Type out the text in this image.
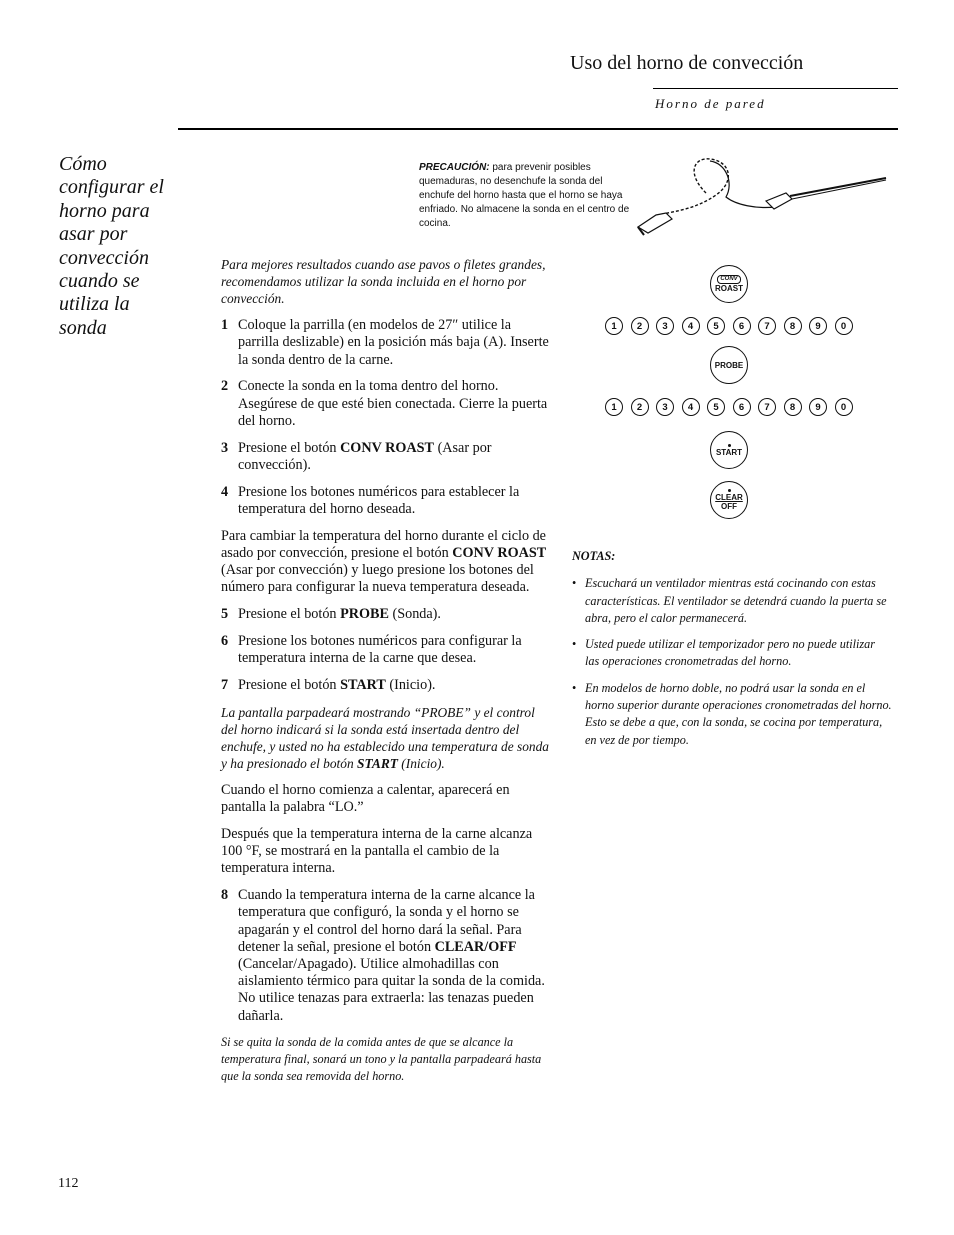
Uso del horno de convección
Horno de pared
Cómo configurar el horno para asar por convección cuando se utiliza la sonda
PRECAUCIÓN: para prevenir posibles quemaduras, no desenchufe la sonda del enchufe del horno hasta que el horno se haya enfriado. No almacene la sonda en el centro de cocina.

Para mejores resultados cuando ase pavos o filetes grandes, recomendamos utilizar la sonda incluida en el horno por convección.

1 Coloque la parrilla (en modelos de 27″ utilice la parrilla deslizable) en la posición más baja (A). Inserte la sonda dentro de la carne.
2 Conecte la sonda en la toma dentro del horno. Asegúrese de que esté bien conectada. Cierre la puerta del horno.
3 Presione el botón CONV ROAST (Asar por convección).
4 Presione los botones numéricos para establecer la temperatura del horno deseada.

Para cambiar la temperatura del horno durante el ciclo de asado por convección, presione el botón CONV ROAST (Asar por convección) y luego presione los botones del número para configurar la nueva temperatura deseada.

5 Presione el botón PROBE (Sonda).
6 Presione los botones numéricos para configurar la temperatura interna de la carne que desea.
7 Presione el botón START (Inicio).

La pantalla parpadeará mostrando “PROBE” y el control del horno indicará si la sonda está insertada dentro del enchufe, y usted no ha establecido una temperatura de sonda y ha presionado el botón START (Inicio).

Cuando el horno comienza a calentar, aparecerá en pantalla la palabra “LO.”

Después que la temperatura interna de la carne alcanza 100 °F, se mostrará en la pantalla el cambio de la temperatura interna.

8 Cuando la temperatura interna de la carne alcance la temperatura que configuró, la sonda y el horno se apagarán y el control del horno dará la señal. Para detener la señal, presione el botón CLEAR/OFF (Cancelar/Apagado). Utilice almohadillas con aislamiento térmico para quitar la sonda de la comida. No utilice tenazas para extraerla: las tenazas pueden dañarla.

Si se quita la sonda de la comida antes de que se alcance la temperatura final, sonará un tono y la pantalla parpadeará hasta que la sonda sea removida del horno.

CONV
ROAST
1	2	3	4	5	6	7	8	9	0
PROBE
1	2	3	4	5	6	7	8	9	0
START
CLEAR
OFF
NOTAS:
• Escuchará un ventilador mientras está cocinando con estas características. El ventilador se detendrá cuando la puerta se abra, pero el calor permanecerá.
• Usted puede utilizar el temporizador pero no puede utilizar las operaciones cronometradas del horno.
• En modelos de horno doble, no podrá usar la sonda en el horno superior durante operaciones cronometradas del horno. Esto se debe a que, con la sonda, se cocina por temperatura, en vez de por tiempo.
112
